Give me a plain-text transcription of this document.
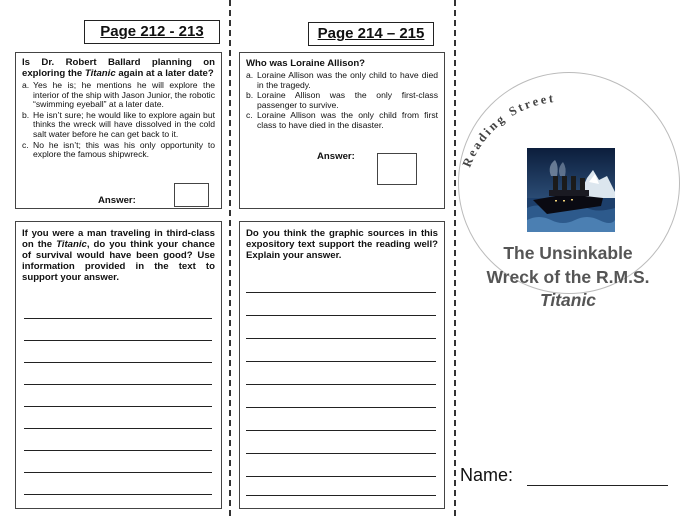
Page 212 - 213
Is Dr. Robert Ballard planning on exploring the Titanic again at a later date?
a. Yes he is; he mentions he will explore the interior of the ship with Jason Junior, the robotic “swimming eyeball” at a later date.
b. He isn’t sure; he would like to explore again but thinks the wreck will have dissolved in the cold salt water before he can get back to it.
c. No he isn’t; this was his only opportunity to explore the famous shipwreck.
Answer:
If you were a man traveling in third-class on the Titanic, do you think your chance of survival would have been good? Use information provided in the text to support your answer.
Page 214 – 215
Who was Loraine Allison?
a. Loraine Allison was the only child to have died in the tragedy.
b. Loraine Allison was the only first-class passenger to survive.
c. Loraine Allison was the only child from first class to have died in the disaster.
Answer:
Do you think the graphic sources in this expository text support the reading well? Explain your answer.
Reading Street
The Unsinkable
Wreck of the R.M.S.
Titanic
Name:
